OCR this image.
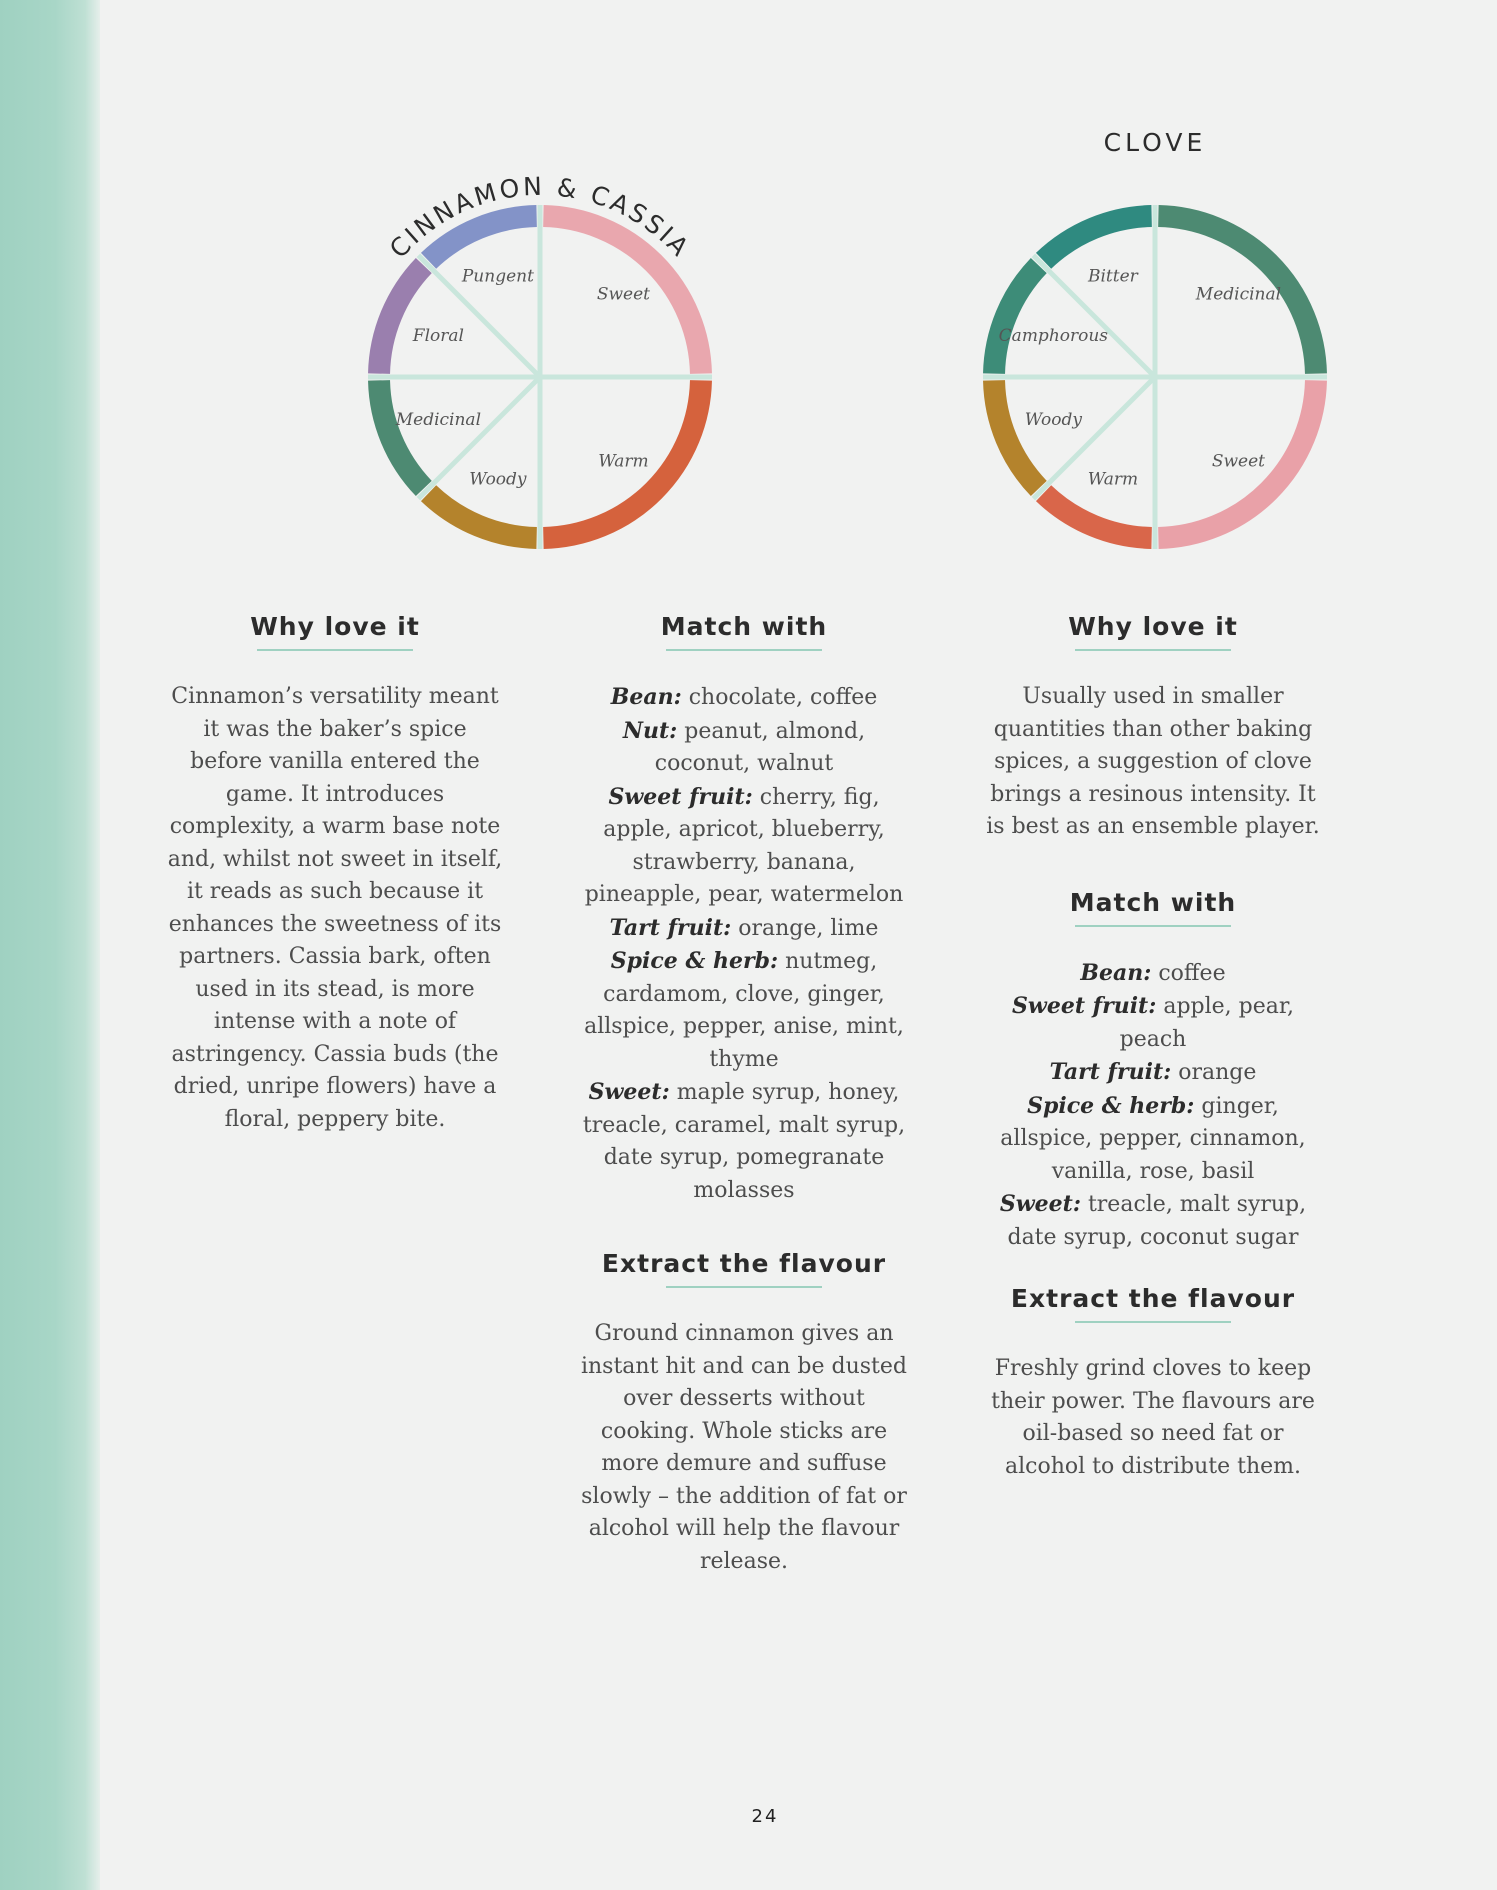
CINNAMON & CASSIA
Sweet
Warm
Woody
Medicinal
Floral
Pungent
CLOVE
Medicinal
Sweet
Warm
Woody
Camphorous
Bitter
Why love it

Cinnamon’s versatility meant it was the baker’s spice before vanilla entered the game. It introduces complexity, a warm base note and, whilst not sweet in itself, it reads as such because it enhances the sweetness of its partners. Cassia bark, often used in its stead, is more intense with a note of astringency. Cassia buds (the dried, unripe flowers) have a floral, peppery bite.

Match with

Bean: chocolate, coffee

Nut: peanut, almond, coconut, walnut

Sweet fruit: cherry, fig, apple, apricot, blueberry, strawberry, banana, pineapple, pear, watermelon

Tart fruit: orange, lime

Spice & herb: nutmeg, cardamom, clove, ginger, allspice, pepper, anise, mint, thyme

Sweet: maple syrup, honey, treacle, caramel, malt syrup, date syrup, pomegranate molasses

Extract the flavour

Ground cinnamon gives an instant hit and can be dusted over desserts without cooking. Whole sticks are more demure and suffuse slowly – the addition of fat or alcohol will help the flavour release.

Why love it

Usually used in smaller quantities than other baking spices, a suggestion of clove brings a resinous intensity. It is best as an ensemble player.

Match with

Bean: coffee

Sweet fruit: apple, pear, peach

Tart fruit: orange

Spice & herb: ginger, allspice, pepper, cinnamon, vanilla, rose, basil

Sweet: treacle, malt syrup, date syrup, coconut sugar

Extract the flavour

Freshly grind cloves to keep their power. The flavours are oil-based so need fat or alcohol to distribute them.

24
